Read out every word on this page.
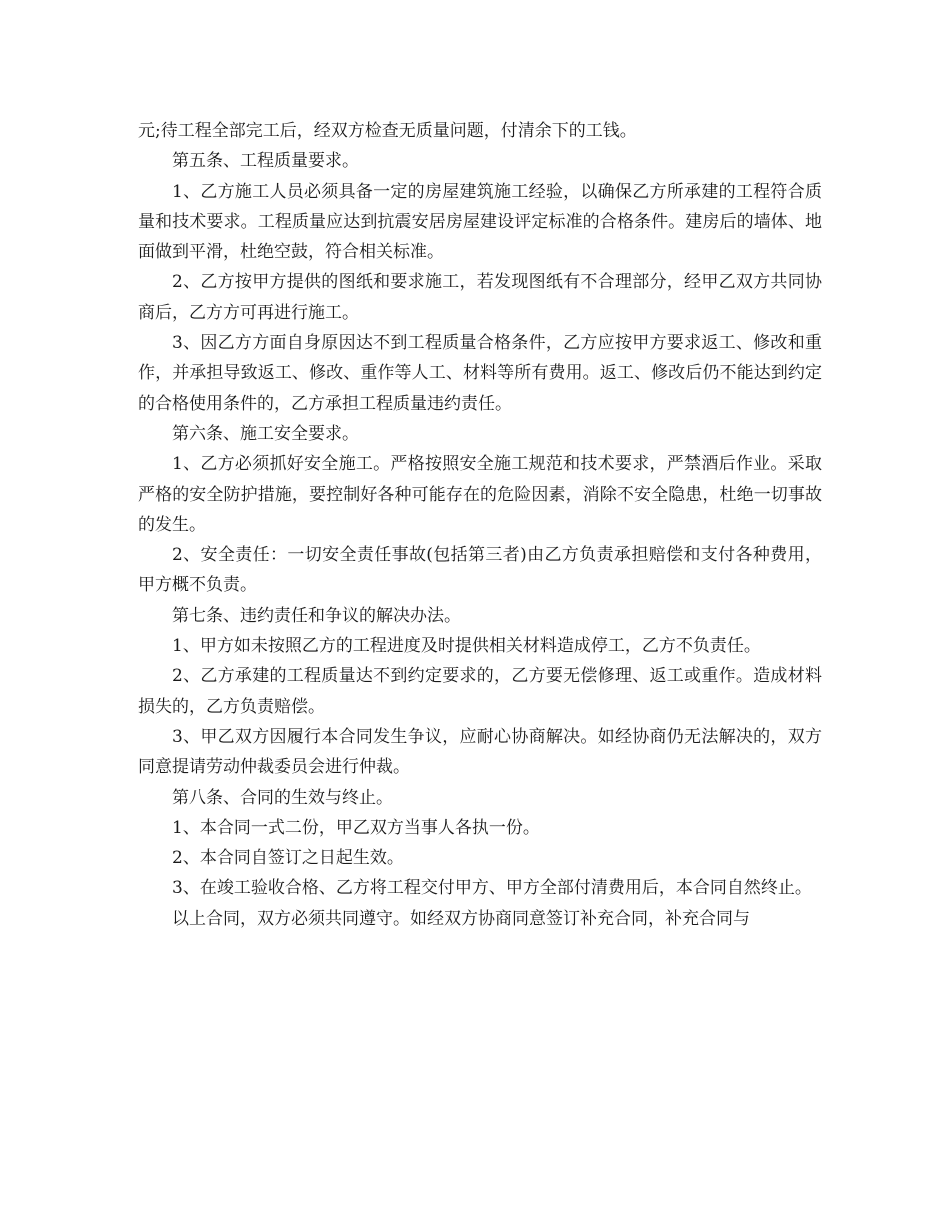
元;待工程全部完工后，经双方检查无质量问题，付清余下的工钱。

第五条、工程质量要求。

1、乙方施工人员必须具备一定的房屋建筑施工经验，以确保乙方所承建的工程符合质量和技术要求。工程质量应达到抗震安居房屋建设评定标准的合格条件。建房后的墙体、地面做到平滑，杜绝空鼓，符合相关标准。

2、乙方按甲方提供的图纸和要求施工，若发现图纸有不合理部分，经甲乙双方共同协商后，乙方方可再进行施工。

3、因乙方方面自身原因达不到工程质量合格条件，乙方应按甲方要求返工、修改和重作，并承担导致返工、修改、重作等人工、材料等所有费用。返工、修改后仍不能达到约定的合格使用条件的，乙方承担工程质量违约责任。

第六条、施工安全要求。

1、乙方必须抓好安全施工。严格按照安全施工规范和技术要求，严禁酒后作业。采取严格的安全防护措施，要控制好各种可能存在的危险因素，消除不安全隐患，杜绝一切事故的发生。

2、安全责任：一切安全责任事故(包括第三者)由乙方负责承担赔偿和支付各种费用，甲方概不负责。

第七条、违约责任和争议的解决办法。

1、甲方如未按照乙方的工程进度及时提供相关材料造成停工，乙方不负责任。

2、乙方承建的工程质量达不到约定要求的，乙方要无偿修理、返工或重作。造成材料损失的，乙方负责赔偿。

3、甲乙双方因履行本合同发生争议，应耐心协商解决。如经协商仍无法解决的，双方同意提请劳动仲裁委员会进行仲裁。

第八条、合同的生效与终止。

1、本合同一式二份，甲乙双方当事人各执一份。

2、本合同自签订之日起生效。

3、在竣工验收合格、乙方将工程交付甲方、甲方全部付清费用后，本合同自然终止。

以上合同，双方必须共同遵守。如经双方协商同意签订补充合同，补充合同与
